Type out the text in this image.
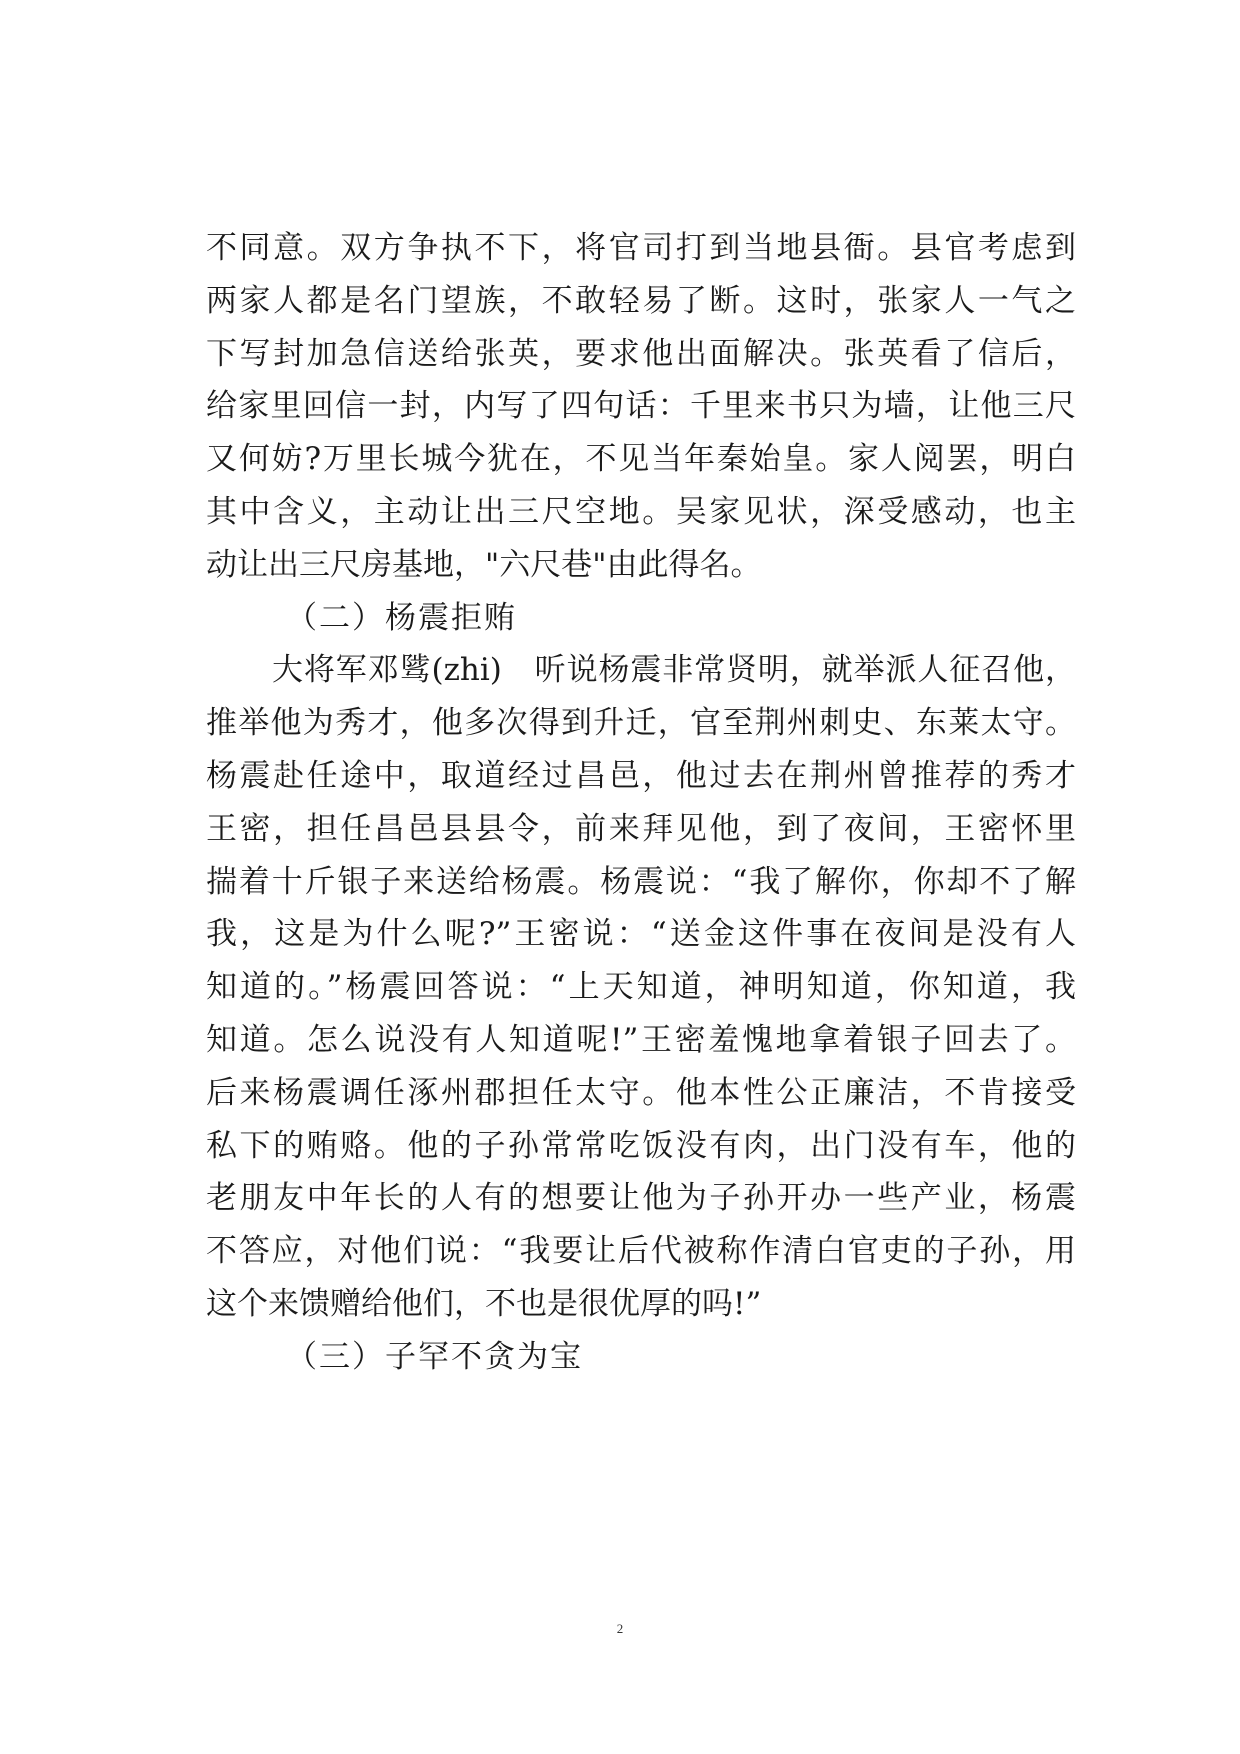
不同意。双方争执不下，将官司打到当地县衙。县官考虑到
两家人都是名门望族，不敢轻易了断。这时，张家人一气之
下写封加急信送给张英，要求他出面解决。张英看了信后，
给家里回信一封，内写了四句话：千里来书只为墙，让他三尺
又何妨?万里长城今犹在，不见当年秦始皇。家人阅罢，明白
其中含义，主动让出三尺空地。吴家见状，深受感动，也主
动让出三尺房基地，"六尺巷"由此得名。
（二）杨震拒贿
大将军邓骘(zhi)　听说杨震非常贤明，就举派人征召他，
推举他为秀才，他多次得到升迁，官至荆州刺史、东莱太守。
杨震赴任途中，取道经过昌邑，他过去在荆州曾推荐的秀才
王密，担任昌邑县县令，前来拜见他，到了夜间，王密怀里
揣着十斤银子来送给杨震。杨震说：“我了解你，你却不了解
我，这是为什么呢?”王密说：“送金这件事在夜间是没有人
知道的。”杨震回答说：“上天知道，神明知道，你知道，我
知道。怎么说没有人知道呢!”王密羞愧地拿着银子回去了。
后来杨震调任涿州郡担任太守。他本性公正廉洁，不肯接受
私下的贿赂。他的子孙常常吃饭没有肉，出门没有车，他的
老朋友中年长的人有的想要让他为子孙开办一些产业，杨震
不答应，对他们说：“我要让后代被称作清白官吏的子孙，用
这个来馈赠给他们，不也是很优厚的吗!”
（三）子罕不贪为宝
2
